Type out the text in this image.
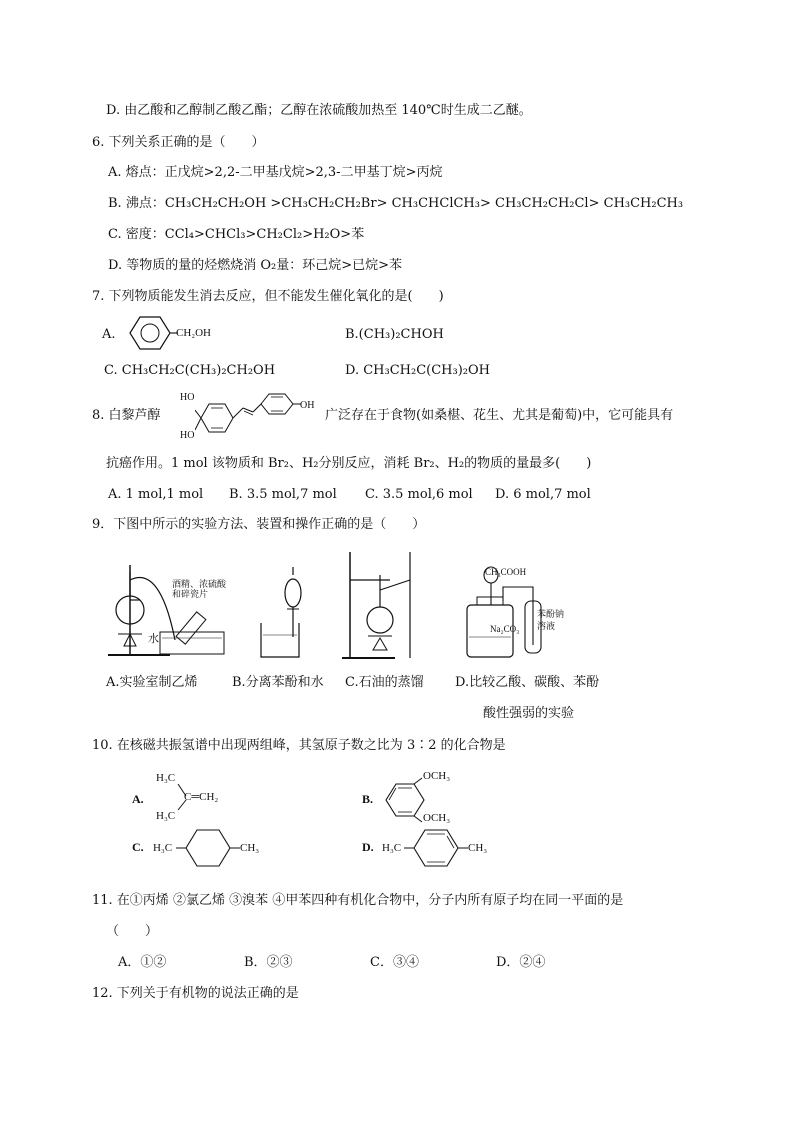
D. 由乙酸和乙醇制乙酸乙酯；乙醇在浓硫酸加热至 140℃时生成二乙醚。
6. 下列关系正确的是（　　）
A. 熔点：正戊烷>2,2-二甲基戊烷>2,3-二甲基丁烷>丙烷
B. 沸点：CH₃CH₂CH₂OH >CH₃CH₂CH₂Br> CH₃CHClCH₃> CH₃CH₂CH₂Cl> CH₃CH₂CH₃
C. 密度：CCl₄>CHCl₃>CH₂Cl₂>H₂O>苯
D. 等物质的量的烃燃烧消 O₂量：环己烷>已烷>苯
7. 下列物质能发生消去反应，但不能发生催化氧化的是(　　)
A.	CH₂OH	B.(CH₃)₂CHOH
C. CH₃CH₂C(CH₃)₂CH₂OH	D. CH₃CH₂C(CH₃)₂OH
8. 白黎芦醇
HO
HO
OH
广泛存在于食物(如桑椹、花生、尤其是葡萄)中，它可能具有
抗癌作用。1 mol 该物质和 Br₂、H₂分别反应，消耗 Br₂、H₂的物质的量最多(　　)
A. 1 mol,1 mol B. 3.5 mol,7 mol C. 3.5 mol,6 mol D. 6 mol,7 mol
9．下图中所示的实验方法、装置和操作正确的是（　　）
酒精、浓硫酸
和碎瓷片
水
CH₃COOH
Na₂CO₃
苯酚钠
溶液
A.实验室制乙烯	B.分离苯酚和水 C.石油的蒸馏 D.比较乙酸、碳酸、苯酚
酸性强弱的实验
10. 在核磁共振氢谱中出现两组峰，其氢原子数之比为 3∶2 的化合物是
A.
H₃C
H₃C
C═CH₂	B.
OCH₃
OCH₃
C. H₃C	CH₃	D. H₃C	CH₃
11. 在①丙烯 ②氯乙烯 ③溴苯 ④甲苯四种有机化合物中，分子内所有原子均在同一平面的是
（　　）
A．①②	B．②③	C．③④	D．②④
12. 下列关于有机物的说法正确的是
